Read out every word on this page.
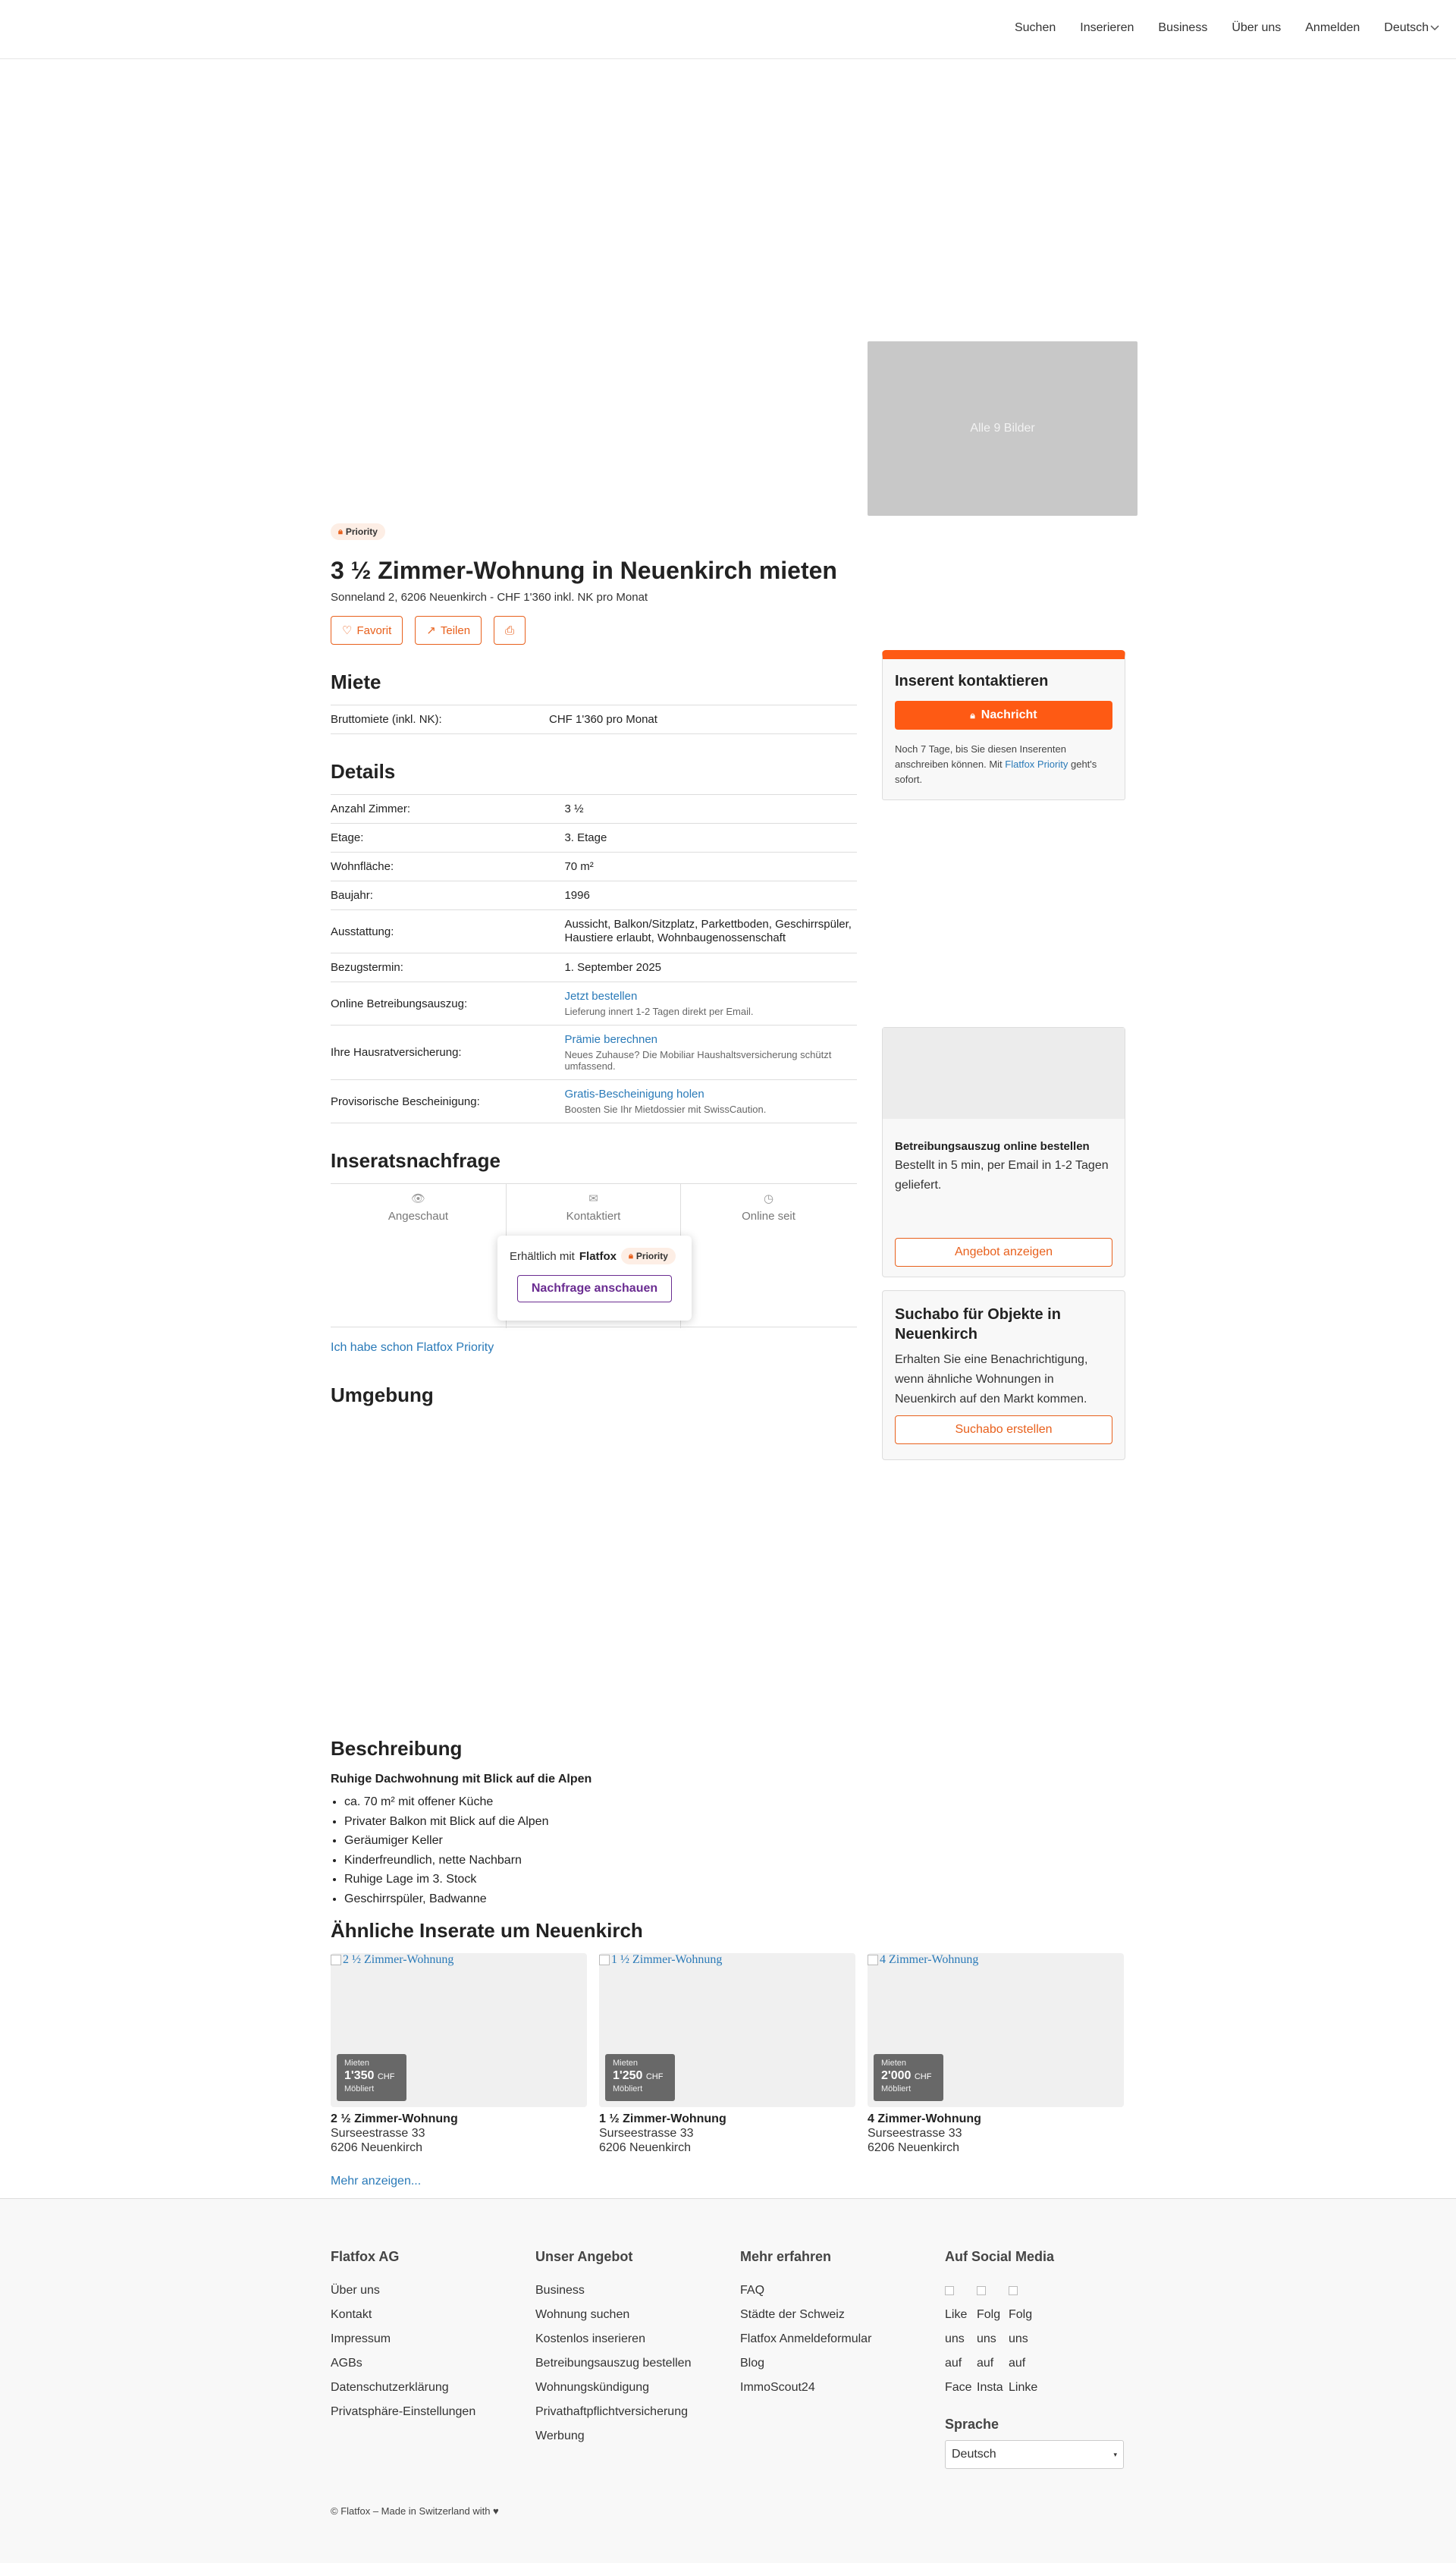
Suchen Inserieren Business Über uns Anmelden Deutsch
Alle 9 Bilder
🔒︎ Priority
3 ½ Zimmer-Wohnung in Neuenkirch mieten
Sonneland 2, 6206 Neuenkirch - CHF 1'360 inkl. NK pro Monat
♡ Favorit	↗ Teilen	⎙
Miete
Bruttomiete (inkl. NK):	CHF 1'360 pro Monat
Details
Anzahl Zimmer:	3 ½
Etage:	3. Etage
Wohnfläche:	70 m²
Baujahr:	1996
Ausstattung:	Aussicht, Balkon/Sitzplatz, Parkettboden, Geschirrspüler, Haustiere erlaubt, Wohnbaugenossenschaft
Bezugstermin:	1. September 2025
Online Betreibungsauszug:	Jetzt bestellen
Lieferung innert 1-2 Tagen direkt per Email.

Ihre Hausratversicherung:	Prämie berechnen
Neues Zuhause? Die Mobiliar Haushaltsversicherung schützt umfassend.

Provisorische Bescheinigung:	Gratis-Bescheinigung holen
Boosten Sie Ihr Mietdossier mit SwissCaution.
Inseratsnachfrage
👁︎
Angeschaut
✉
Kontaktiert
◷
Online seit
Erhältlich mit Flatfox 🔒︎ Priority
Nachfrage anschauen
Ich habe schon Flatfox Priority
Umgebung
Beschreibung
Ruhige Dachwohnung mit Blick auf die Alpen
• ca. 70 m² mit offener Küche
• Privater Balkon mit Blick auf die Alpen
• Geräumiger Keller
• Kinderfreundlich, nette Nachbarn
• Ruhige Lage im 3. Stock
• Geschirrspüler, Badwanne
Ähnliche Inserate um Neuenkirch
2 ½ Zimmer-Wohnung
Mieten
1'350 CHF
Möbliert
2 ½ Zimmer-Wohnung
Surseestrasse 33
6206 Neuenkirch
1 ½ Zimmer-Wohnung
Mieten
1'250 CHF
Möbliert
1 ½ Zimmer-Wohnung
Surseestrasse 33
6206 Neuenkirch
4 Zimmer-Wohnung
Mieten
2'000 CHF
Möbliert
4 Zimmer-Wohnung
Surseestrasse 33
6206 Neuenkirch
Mehr anzeigen...
Inserent kontaktieren
🔒︎ Nachricht

Noch 7 Tage, bis Sie diesen Inserenten anschreiben können. Mit Flatfox Priority geht's sofort.

Betreibungsauszug online bestellen
Bestellt in 5 min, per Email in 1-2 Tagen geliefert.
Angebot anzeigen
Suchabo für Objekte in Neuenkirch

Erhalten Sie eine Benachrichtigung, wenn ähnliche Wohnungen in Neuenkirch auf den Markt kommen.

Suchabo erstellen
Flatfox AG
Über uns
Kontakt
Impressum
AGBs
Datenschutzerklärung
Privatsphäre-Einstellungen
Unser Angebot
Business
Wohnung suchen
Kostenlos inserieren
Betreibungsauszug bestellen
Wohnungskündigung
Privathaftpflichtversicherung
Werbung
Mehr erfahren
FAQ
Städte der Schweiz
Flatfox Anmeldeformular
Blog
ImmoScout24
Auf Social Media

Like
uns
auf
Face

Folg
uns
auf
Insta

Folg
uns
auf
Linke
Sprache
Deutsch	▾
© Flatfox – Made in Switzerland with ♥
